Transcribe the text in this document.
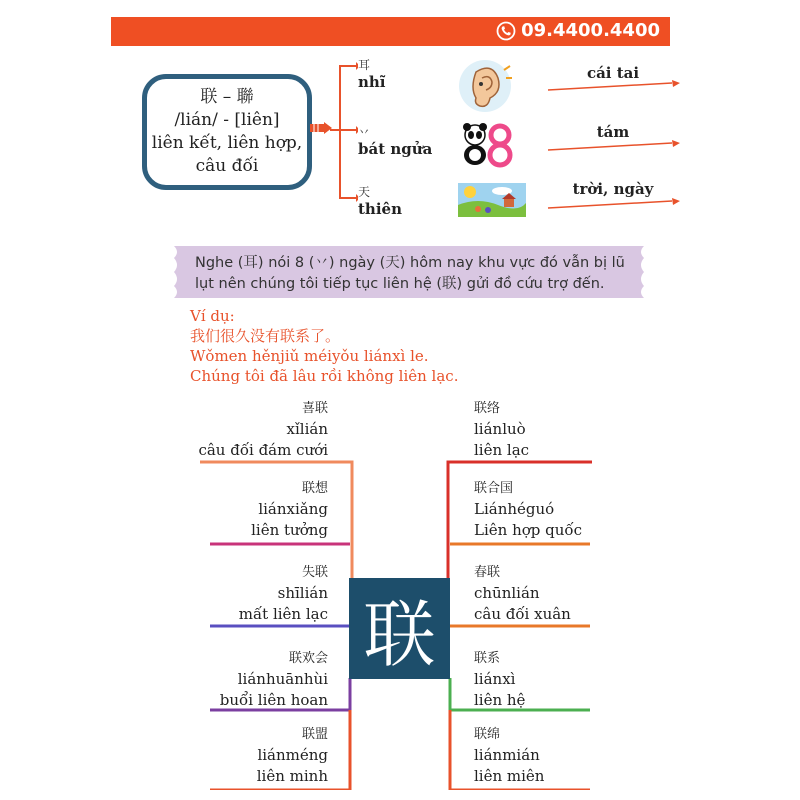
09.4400.4400
联 – 聯
/lián/ - [liên]
liên kết, liên hợp,
câu đối
耳
nhĩ
丷
bát ngửa
天
thiên
cái tai
tám
trời, ngày
Nghe (耳) nói 8 (丷) ngày (天) hôm nay khu vực đó vẫn bị lũ
lụt nên chúng tôi tiếp tục liên hệ (联) gửi đồ cứu trợ đến.
Ví dụ:
我们很久没有联系了。
Wǒmen hěnjiǔ méiyǒu liánxì le.
Chúng tôi đã lâu rồi không liên lạc.
联
喜联
xǐlián
câu đối đám cưới
联想
liánxiǎng
liên tưởng
失联
shīlián
mất liên lạc
联欢会
liánhuānhùi
buổi liên hoan
联盟
liánméng
liên minh
联络
liánluò
liên lạc
联合国
Liánhéguó
Liên hợp quốc
春联
chūnlián
câu đối xuân
联系
liánxì
liên hệ
联绵
liánmián
liên miên
